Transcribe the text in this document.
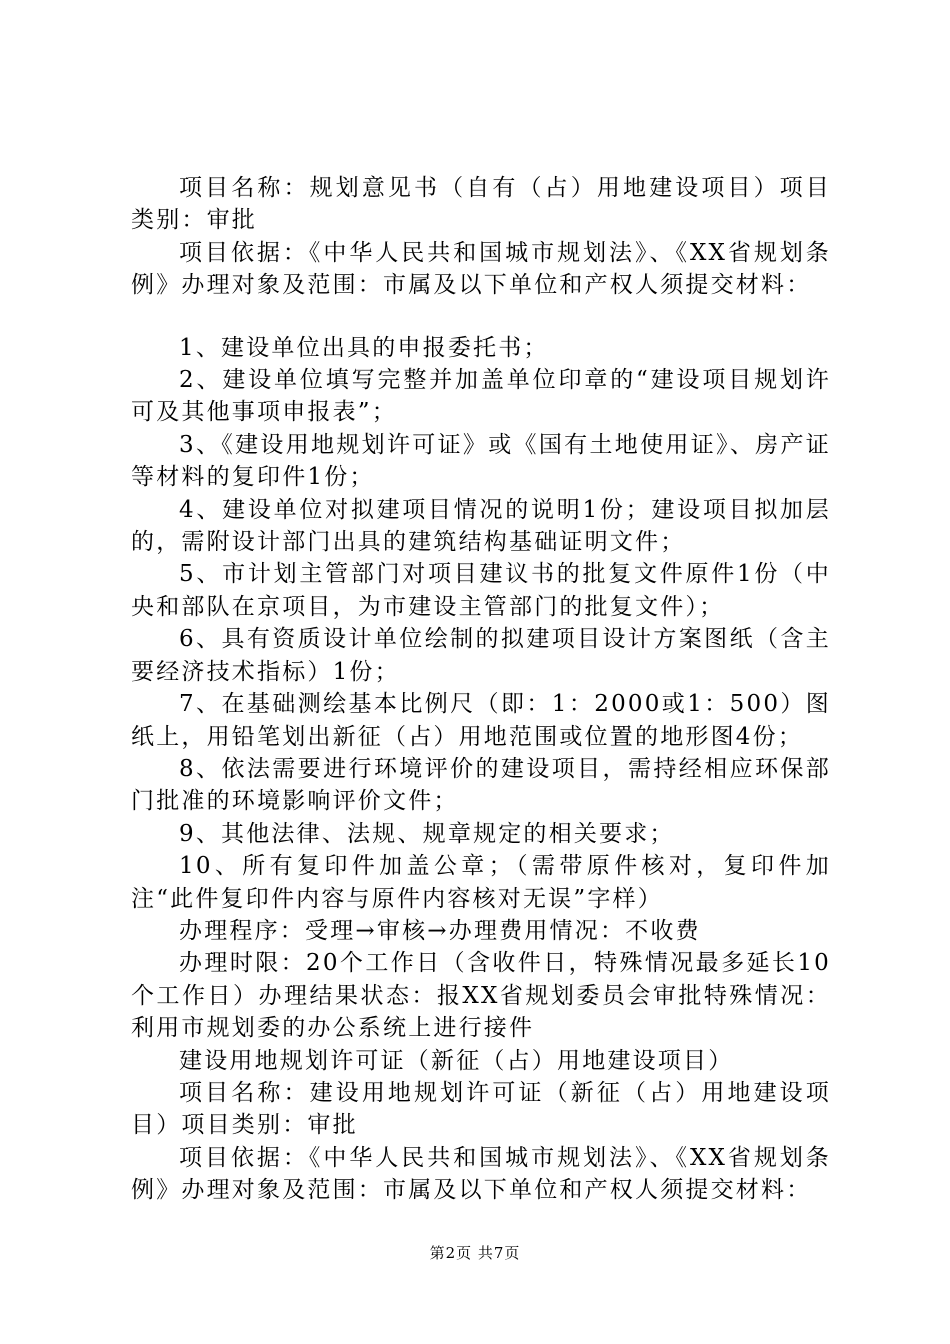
项目名称：规划意见书（自有（占）用地建设项目）项目类别：审批

项目依据：《中华人民共和国城市规划法》、《XX省规划条例》办理对象及范围：市属及以下单位和产权人须提交材料：

1、建设单位出具的申报委托书；

2、建设单位填写完整并加盖单位印章的“建设项目规划许可及其他事项申报表”；

3、《建设用地规划许可证》或《国有土地使用证》、房产证等材料的复印件1份；

4、建设单位对拟建项目情况的说明1份；建设项目拟加层的，需附设计部门出具的建筑结构基础证明文件；

5、市计划主管部门对项目建议书的批复文件原件1份（中央和部队在京项目，为市建设主管部门的批复文件）；

6、具有资质设计单位绘制的拟建项目设计方案图纸（含主要经济技术指标）1份；

7、在基础测绘基本比例尺（即：1：2000或1：500）图纸上，用铅笔划出新征（占）用地范围或位置的地形图4份；

8、依法需要进行环境评价的建设项目，需持经相应环保部门批准的环境影响评价文件；

9、其他法律、法规、规章规定的相关要求；

10、所有复印件加盖公章；（需带原件核对，复印件加注“此件复印件内容与原件内容核对无误”字样）

办理程序：受理→审核→办理费用情况：不收费

办理时限：20个工作日（含收件日，特殊情况最多延长10个工作日）办理结果状态：报XX省规划委员会审批特殊情况：利用市规划委的办公系统上进行接件

建设用地规划许可证（新征（占）用地建设项目）

项目名称：建设用地规划许可证（新征（占）用地建设项目）项目类别：审批

项目依据：《中华人民共和国城市规划法》、《XX省规划条例》办理对象及范围：市属及以下单位和产权人须提交材料：

第2页 共7页
